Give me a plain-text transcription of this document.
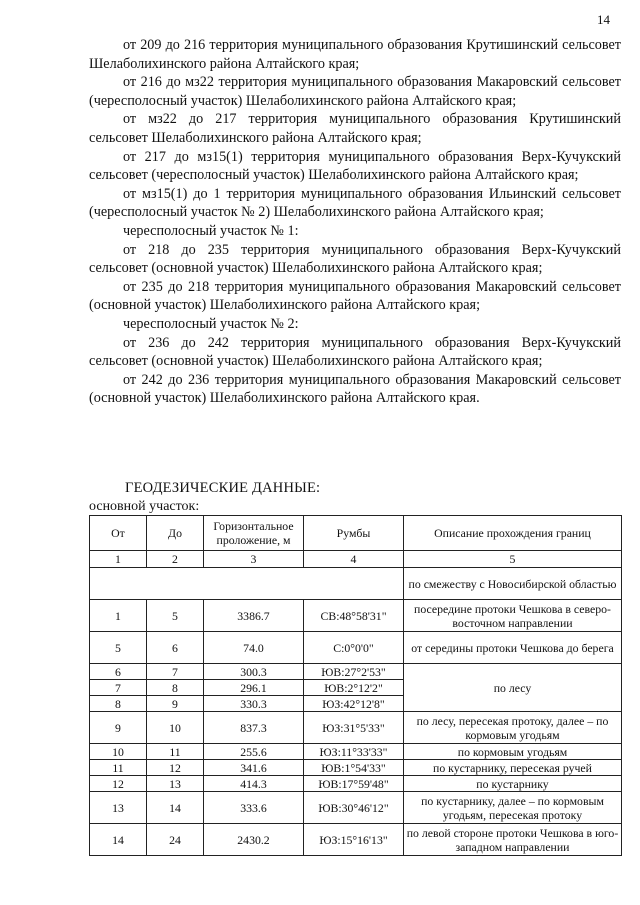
14

от 209 до 216 территория муниципального образования Крутишинский сельсовет Шелаболихинского района Алтайского края;

от 216 до мз22 территория муниципального образования Макаровский сельсовет (чересполосный участок) Шелаболихинского района Алтайского края;

от мз22 до 217 территория муниципального образования Крутишинский сельсовет Шелаболихинского района Алтайского края;

от 217 до мз15(1) территория муниципального образования Верх-Кучукский сельсовет (чересполосный участок) Шелаболихинского района Алтайского края;

от мз15(1) до 1 территория муниципального образования Ильинский сельсовет (чересполосный участок № 2) Шелаболихинского района Алтайского края;

чересполосный участок № 1:

от 218 до 235 территория муниципального образования Верх-Кучукский сельсовет (основной участок) Шелаболихинского района Алтайского края;

от 235 до 218 территория муниципального образования Макаровский сельсовет (основной участок) Шелаболихинского района Алтайского края;

чересполосный участок № 2:

от 236 до 242 территория муниципального образования Верх-Кучукский сельсовет (основной участок) Шелаболихинского района Алтайского края;

от 242 до 236 территория муниципального образования Макаровский сельсовет (основной участок) Шелаболихинского района Алтайского края.

ГЕОДЕЗИЧЕСКИЕ ДАННЫЕ:
основной участок:
От	До	Горизонтальное проложение, м	Румбы	Описание прохождения границ
1	2	3	4	5
				по смежеству с Новосибирской областью
1	5	3386.7	СВ:48°58'31"	посередине протоки Чешкова в северо-восточном направлении
5	6	74.0	С:0°0'0"	от середины протоки Чешкова до берега
6	7	300.3	ЮВ:27°2'53"	по лесу
7	8	296.1	ЮВ:2°12'2"	
8	9	330.3	ЮЗ:42°12'8"	
9	10	837.3	ЮЗ:31°5'33"	по лесу, пересекая протоку, далее – по кормовым угодьям
10	11	255.6	ЮЗ:11°33'33"	по кормовым угодьям
11	12	341.6	ЮВ:1°54'33"	по кустарнику, пересекая ручей
12	13	414.3	ЮВ:17°59'48"	по кустарнику
13	14	333.6	ЮВ:30°46'12"	по кустарнику, далее – по кормовым угодьям, пересекая протоку
14	24	2430.2	ЮЗ:15°16'13"	по левой стороне протоки Чешкова в юго-западном направлении
